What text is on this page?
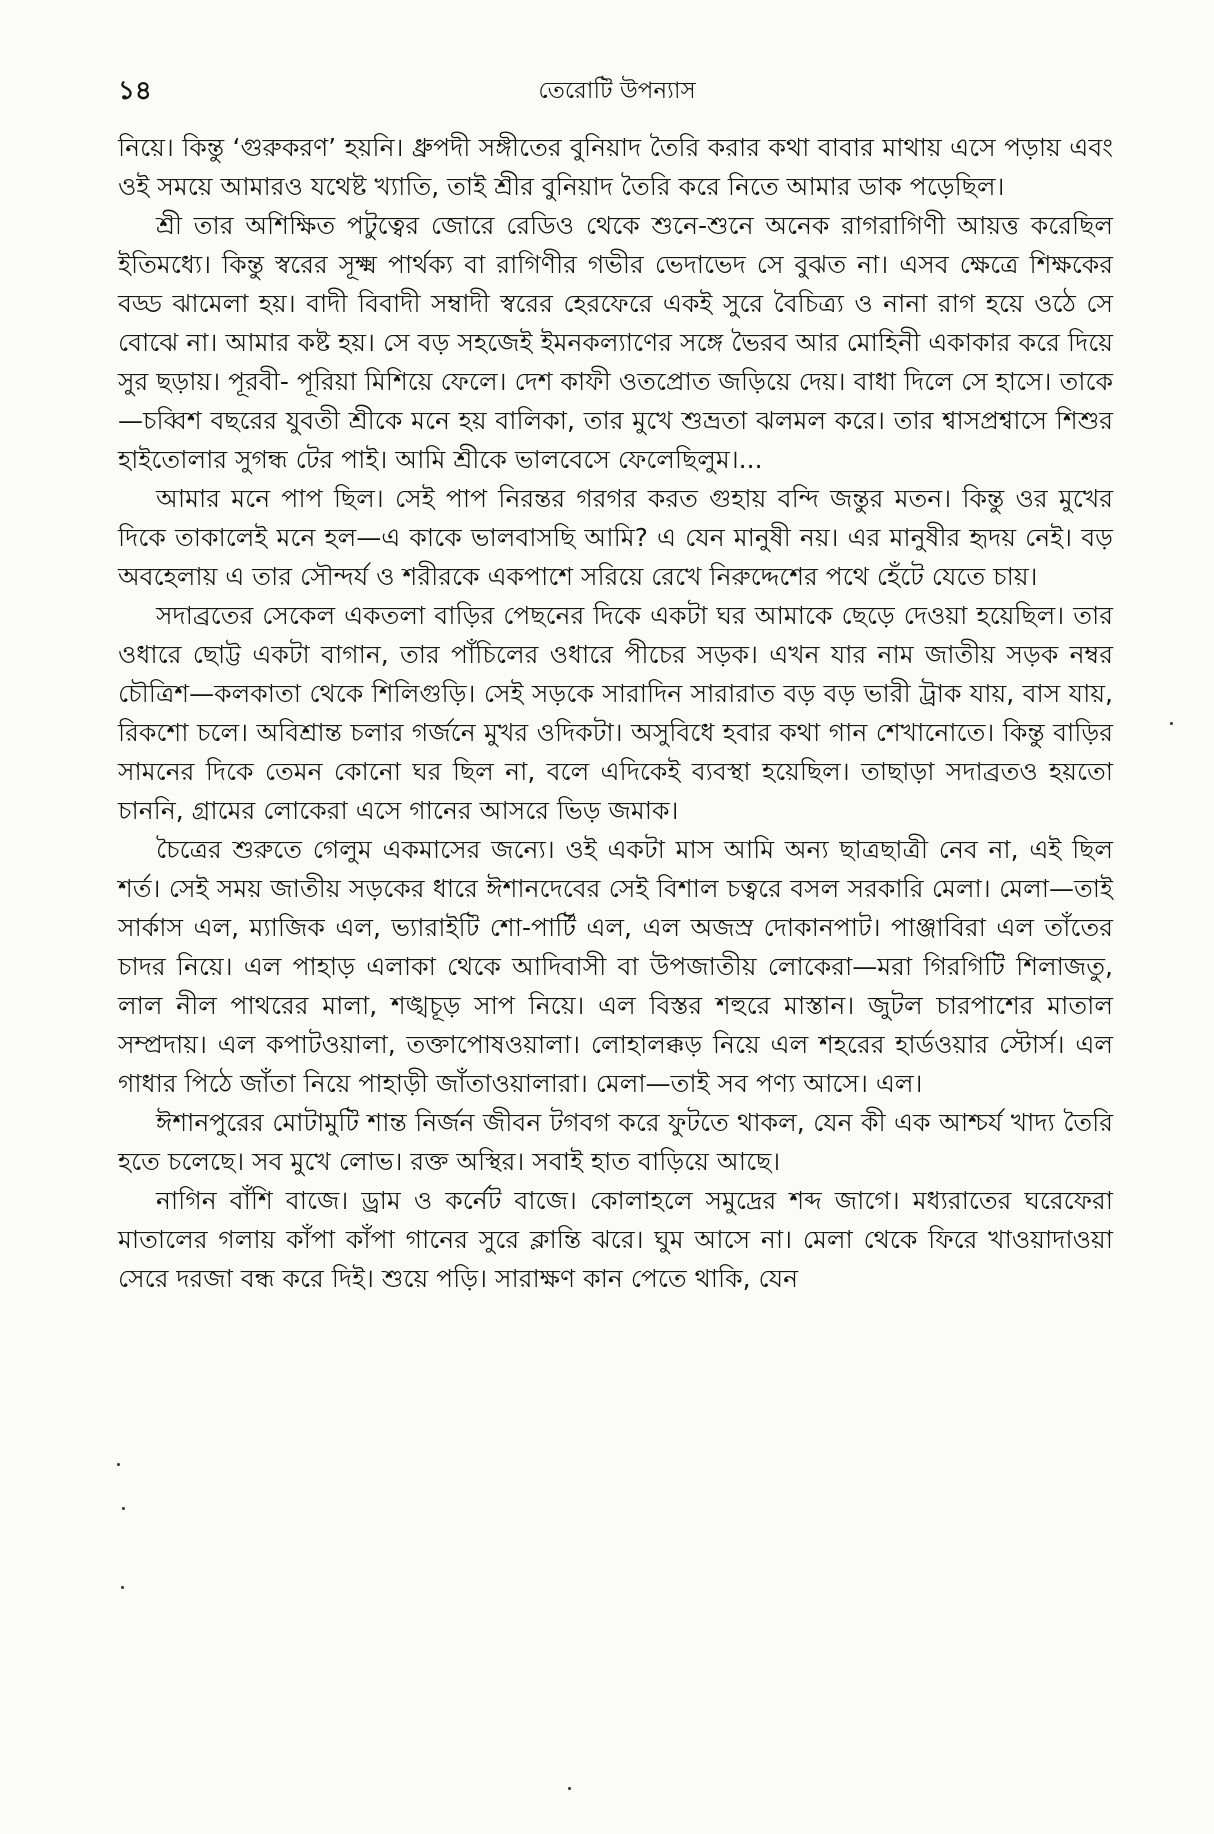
১৪	তেরোটি উপন্যাস

নিয়ে। কিন্তু ‘গুরুকরণ’ হয়নি। ধ্রুপদী সঙ্গীতের বুনিয়াদ তৈরি করার কথা বাবার মাথায় এসে পড়ায় এবং ওই সময়ে আমারও যথেষ্ট খ্যাতি, তাই শ্রীর বুনিয়াদ তৈরি করে নিতে আমার ডাক পড়েছিল।

শ্রী তার অশিক্ষিত পটুত্বের জোরে রেডিও থেকে শুনে-শুনে অনেক রাগরাগিণী আয়ত্ত করেছিল ইতিমধ্যে। কিন্তু স্বরের সূক্ষ্ম পার্থক্য বা রাগিণীর গভীর ভেদাভেদ সে বুঝত না। এসব ক্ষেত্রে শিক্ষকের বড্ড ঝামেলা হয়। বাদী বিবাদী সম্বাদী স্বরের হেরফেরে একই সুরে বৈচিত্র্য ও নানা রাগ হয়ে ওঠে সে বোঝে না। আমার কষ্ট হয়। সে বড় সহজেই ইমনকল্যাণের সঙ্গে ভৈরব আর মোহিনী একাকার করে দিয়ে সুর ছড়ায়। পূরবী- পূরিয়া মিশিয়ে ফেলে। দেশ কাফী ওতপ্রোত জড়িয়ে দেয়। বাধা দিলে সে হাসে। তাকে—চব্বিশ বছরের যুবতী শ্রীকে মনে হয় বালিকা, তার মুখে শুভ্রতা ঝলমল করে। তার শ্বাসপ্রশ্বাসে শিশুর হাইতোলার সুগন্ধ টের পাই। আমি শ্রীকে ভালবেসে ফেলেছিলুম।...

আমার মনে পাপ ছিল। সেই পাপ নিরন্তর গরগর করত গুহায় বন্দি জন্তুর মতন। কিন্তু ওর মুখের দিকে তাকালেই মনে হল—এ কাকে ভালবাসছি আমি? এ যেন মানুষী নয়। এর মানুষীর হৃদয় নেই। বড় অবহেলায় এ তার সৌন্দর্য ও শরীরকে একপাশে সরিয়ে রেখে নিরুদ্দেশের পথে হেঁটে যেতে চায়।

সদাব্রতের সেকেল একতলা বাড়ির পেছনের দিকে একটা ঘর আমাকে ছেড়ে দেওয়া হয়েছিল। তার ওধারে ছোট্ট একটা বাগান, তার পাঁচিলের ওধারে পীচের সড়ক। এখন যার নাম জাতীয় সড়ক নম্বর চৌত্রিশ—কলকাতা থেকে শিলিগুড়ি। সেই সড়কে সারাদিন সারারাত বড় বড় ভারী ট্রাক যায়, বাস যায়, রিকশো চলে। অবিশ্রান্ত চলার গর্জনে মুখর ওদিকটা। অসুবিধে হবার কথা গান শেখানোতে। কিন্তু বাড়ির সামনের দিকে তেমন কোনো ঘর ছিল না, বলে এদিকেই ব্যবস্থা হয়েছিল। তাছাড়া সদাব্রতও হয়তো চাননি, গ্রামের লোকেরা এসে গানের আসরে ভিড় জমাক।

চৈত্রের শুরুতে গেলুম একমাসের জন্যে। ওই একটা মাস আমি অন্য ছাত্রছাত্রী নেব না, এই ছিল শর্ত। সেই সময় জাতীয় সড়কের ধারে ঈশানদেবের সেই বিশাল চত্বরে বসল সরকারি মেলা। মেলা—তাই সার্কাস এল, ম্যাজিক এল, ভ্যারাইটি শো-পার্টি এল, এল অজস্র দোকানপাট। পাঞ্জাবিরা এল তাঁতের চাদর নিয়ে। এল পাহাড় এলাকা থেকে আদিবাসী বা উপজাতীয় লোকেরা—মরা গিরগিটি শিলাজতু, লাল নীল পাথরের মালা, শঙ্খচূড় সাপ নিয়ে। এল বিস্তর শহুরে মাস্তান। জুটল চারপাশের মাতাল সম্প্রদায়। এল কপাটওয়ালা, তক্তাপোষওয়ালা। লোহালক্কড় নিয়ে এল শহরের হার্ডওয়ার স্টোর্স। এল গাধার পিঠে জাঁতা নিয়ে পাহাড়ী জাঁতাওয়ালারা। মেলা—তাই সব পণ্য আসে। এল।

ঈশানপুরের মোটামুটি শান্ত নির্জন জীবন টগবগ করে ফুটতে থাকল, যেন কী এক আশ্চর্য খাদ্য তৈরি হতে চলেছে। সব মুখে লোভ। রক্ত অস্থির। সবাই হাত বাড়িয়ে আছে।

নাগিন বাঁশি বাজে। ড্রাম ও কর্নেট বাজে। কোলাহলে সমুদ্রের শব্দ জাগে। মধ্যরাতের ঘরেফেরা মাতালের গলায় কাঁপা কাঁপা গানের সুরে ক্লান্তি ঝরে। ঘুম আসে না। মেলা থেকে ফিরে খাওয়াদাওয়া সেরে দরজা বন্ধ করে দিই। শুয়ে পড়ি। সারাক্ষণ কান পেতে থাকি, যেন
